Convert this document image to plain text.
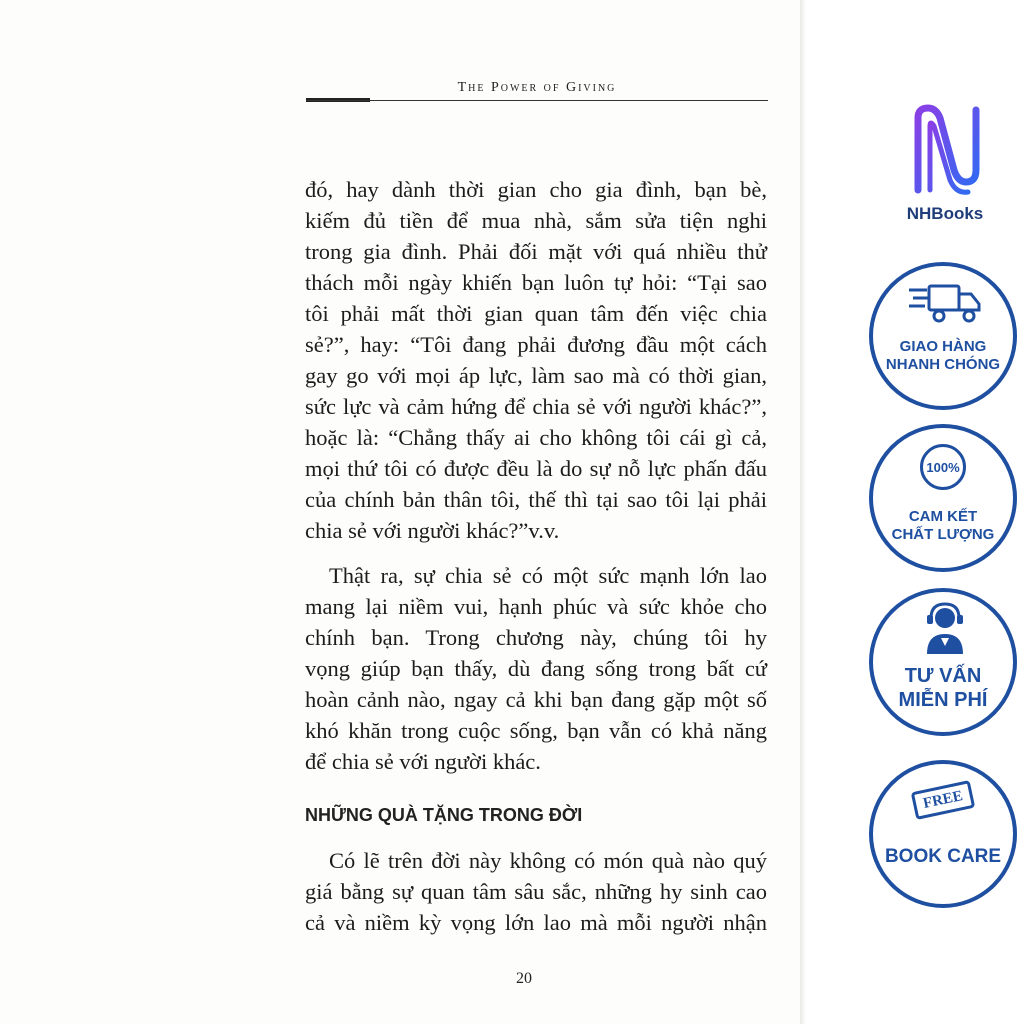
The Power of Giving

đó, hay dành thời gian cho gia đình, bạn bè,
kiếm đủ tiền để mua nhà, sắm sửa tiện nghi
trong gia đình. Phải đối mặt với quá nhiều thử
thách mỗi ngày khiến bạn luôn tự hỏi: “Tại sao
tôi phải mất thời gian quan tâm đến việc chia
sẻ?”, hay: “Tôi đang phải đương đầu một cách
gay go với mọi áp lực, làm sao mà có thời gian,
sức lực và cảm hứng để chia sẻ với người khác?”,
hoặc là: “Chẳng thấy ai cho không tôi cái gì cả,
mọi thứ tôi có được đều là do sự nỗ lực phấn đấu
của chính bản thân tôi, thế thì tại sao tôi lại phải
chia sẻ với người khác?”v.v.

Thật ra, sự chia sẻ có một sức mạnh lớn lao
mang lại niềm vui, hạnh phúc và sức khỏe cho
chính bạn. Trong chương này, chúng tôi hy
vọng giúp bạn thấy, dù đang sống trong bất cứ
hoàn cảnh nào, ngay cả khi bạn đang gặp một số
khó khăn trong cuộc sống, bạn vẫn có khả năng
để chia sẻ với người khác.

NHỮNG QUÀ TẶNG TRONG ĐỜI

Có lẽ trên đời này không có món quà nào quý
giá bằng sự quan tâm sâu sắc, những hy sinh cao
cả và niềm kỳ vọng lớn lao mà mỗi người nhận

20
NHBooks
GIAO HÀNG
NHANH CHÓNG
100%
CAM KẾT
CHẤT LƯỢNG
TƯ VẤN
MIỄN PHÍ
FREE
BOOK CARE
